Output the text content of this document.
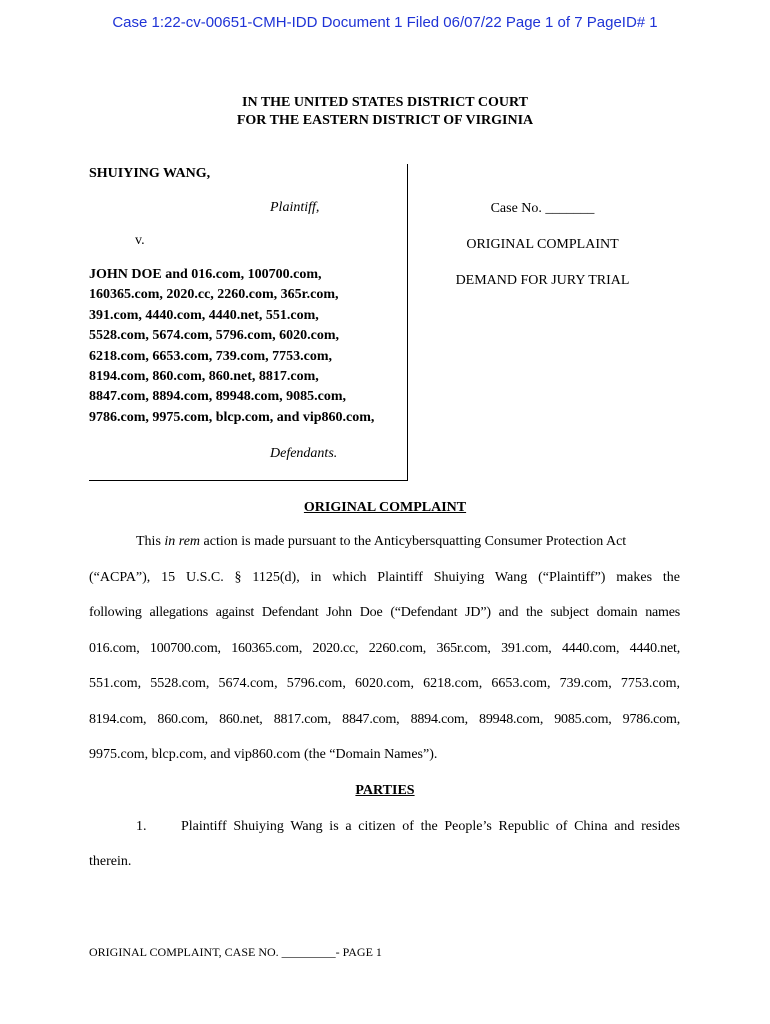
Case 1:22-cv-00651-CMH-IDD Document 1 Filed 06/07/22 Page 1 of 7 PageID# 1
IN THE UNITED STATES DISTRICT COURT
FOR THE EASTERN DISTRICT OF VIRGINIA
SHUIYING WANG,
Plaintiff,
v.
JOHN DOE and 016.com, 100700.com,
160365.com, 2020.cc, 2260.com, 365r.com,
391.com, 4440.com, 4440.net, 551.com,
5528.com, 5674.com, 5796.com, 6020.com,
6218.com, 6653.com, 739.com, 7753.com,
8194.com, 860.com, 860.net, 8817.com,
8847.com, 8894.com, 89948.com, 9085.com,
9786.com, 9975.com, blcp.com, and vip860.com,
Defendants.
Case No. _______
ORIGINAL COMPLAINT
DEMAND FOR JURY TRIAL
ORIGINAL COMPLAINT
This in rem action is made pursuant to the Anticybersquatting Consumer Protection Act
(“ACPA”), 15 U.S.C. § 1125(d), in which Plaintiff Shuiying Wang (“Plaintiff”) makes the
following allegations against Defendant John Doe (“Defendant JD”) and the subject domain names
016.com, 100700.com, 160365.com, 2020.cc, 2260.com, 365r.com, 391.com, 4440.com, 4440.net,
551.com, 5528.com, 5674.com, 5796.com, 6020.com, 6218.com, 6653.com, 739.com, 7753.com,
8194.com, 860.com, 860.net, 8817.com, 8847.com, 8894.com, 89948.com, 9085.com, 9786.com,
9975.com, blcp.com, and vip860.com (the “Domain Names”).
PARTIES
1. Plaintiff Shuiying Wang is a citizen of the People’s Republic of China and resides
therein.
ORIGINAL COMPLAINT, CASE NO. _________- PAGE 1
